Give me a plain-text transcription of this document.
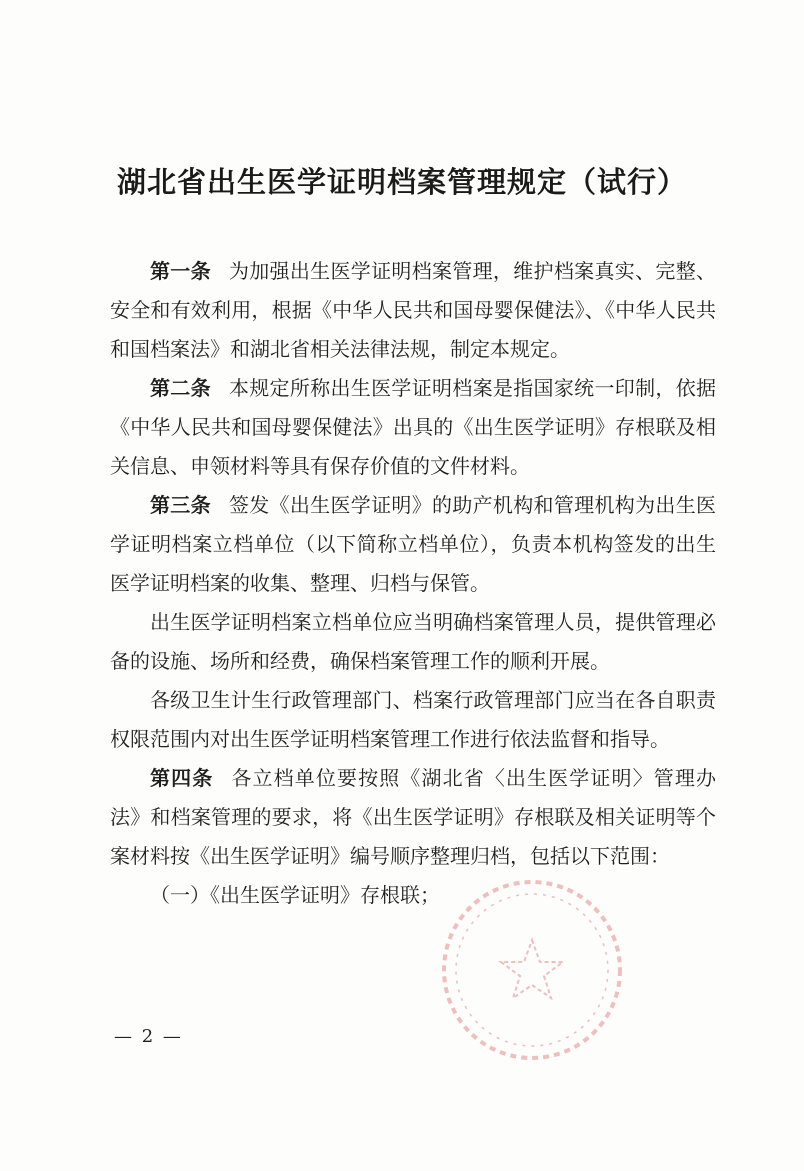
湖北省出生医学证明档案管理规定（试行）

第一条 为加强出生医学证明档案管理，维护档案真实、完整、安全和有效利用，根据《中华人民共和国母婴保健法》、《中华人民共和国档案法》和湖北省相关法律法规，制定本规定。

第二条 本规定所称出生医学证明档案是指国家统一印制，依据《中华人民共和国母婴保健法》出具的《出生医学证明》存根联及相关信息、申领材料等具有保存价值的文件材料。

第三条 签发《出生医学证明》的助产机构和管理机构为出生医学证明档案立档单位（以下简称立档单位），负责本机构签发的出生医学证明档案的收集、整理、归档与保管。

出生医学证明档案立档单位应当明确档案管理人员，提供管理必备的设施、场所和经费，确保档案管理工作的顺利开展。

各级卫生计生行政管理部门、档案行政管理部门应当在各自职责权限范围内对出生医学证明档案管理工作进行依法监督和指导。

第四条 各立档单位要按照《湖北省〈出生医学证明〉管理办法》和档案管理的要求，将《出生医学证明》存根联及相关证明等个案材料按《出生医学证明》编号顺序整理归档，包括以下范围：

（一）《出生医学证明》存根联；

— 2 —
